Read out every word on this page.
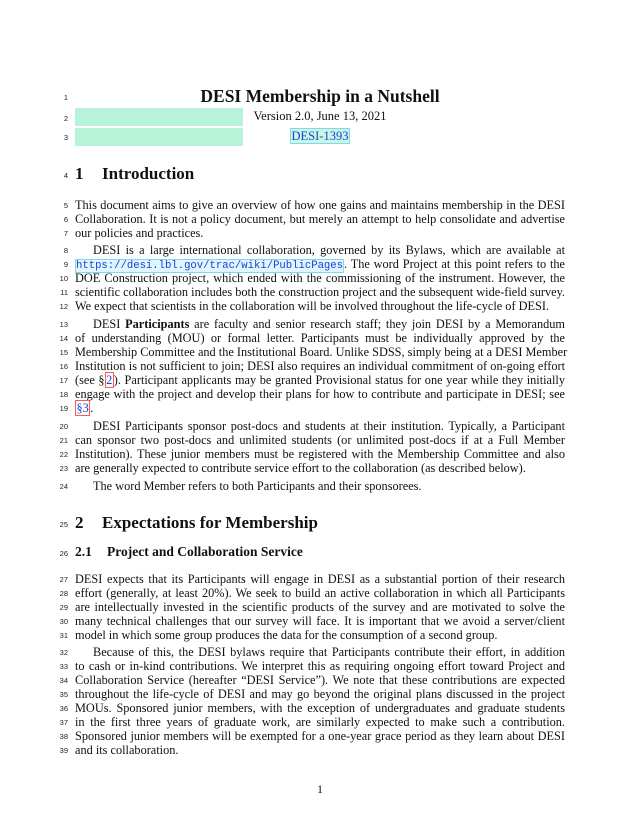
1
2
3
4
5
6
7
8
9
10
11
12
13
14
15
16
17
18
19
20
21
22
23
24
25
26
27
28
29
30
31
32
33
34
35
36
37
38
39
DESI Membership in a Nutshell
Version 2.0, June 13, 2021
DESI-1393
1 Introduction
This document aims to give an overview of how one gains and maintains membership in the DESI
Collaboration. It is not a policy document, but merely an attempt to help consolidate and advertise
our policies and practices.
DESI is a large international collaboration, governed by its Bylaws, which are available at
https://desi.lbl.gov/trac/wiki/PublicPages. The word Project at this point refers to the
DOE Construction project, which ended with the commissioning of the instrument. However, the
scientific collaboration includes both the construction project and the subsequent wide-field survey.
We expect that scientists in the collaboration will be involved throughout the life-cycle of DESI.
DESI Participants are faculty and senior research staff; they join DESI by a Memorandum
of understanding (MOU) or formal letter. Participants must be individually approved by the
Membership Committee and the Institutional Board. Unlike SDSS, simply being at a DESI Member
Institution is not sufficient to join; DESI also requires an individual commitment of on-going effort
(see § 2 ). Participant applicants may be granted Provisional status for one year while they initially
engage with the project and develop their plans for how to contribute and participate in DESI; see
§3 .
DESI Participants sponsor post-docs and students at their institution. Typically, a Participant
can sponsor two post-docs and unlimited students (or unlimited post-docs if at a Full Member
Institution). These junior members must be registered with the Membership Committee and also
are generally expected to contribute service effort to the collaboration (as described below).
The word Member refers to both Participants and their sponsorees.
2 Expectations for Membership
2.1 Project and Collaboration Service
DESI expects that its Participants will engage in DESI as a substantial portion of their research
effort (generally, at least 20%). We seek to build an active collaboration in which all Participants
are intellectually invested in the scientific products of the survey and are motivated to solve the
many technical challenges that our survey will face. It is important that we avoid a server/client
model in which some group produces the data for the consumption of a second group.
Because of this, the DESI bylaws require that Participants contribute their effort, in addition
to cash or in-kind contributions. We interpret this as requiring ongoing effort toward Project and
Collaboration Service (hereafter “DESI Service”). We note that these contributions are expected
throughout the life-cycle of DESI and may go beyond the original plans discussed in the project
MOUs. Sponsored junior members, with the exception of undergraduates and graduate students
in the first three years of graduate work, are similarly expected to make such a contribution.
Sponsored junior members will be exempted for a one-year grace period as they learn about DESI
and its collaboration.
1
